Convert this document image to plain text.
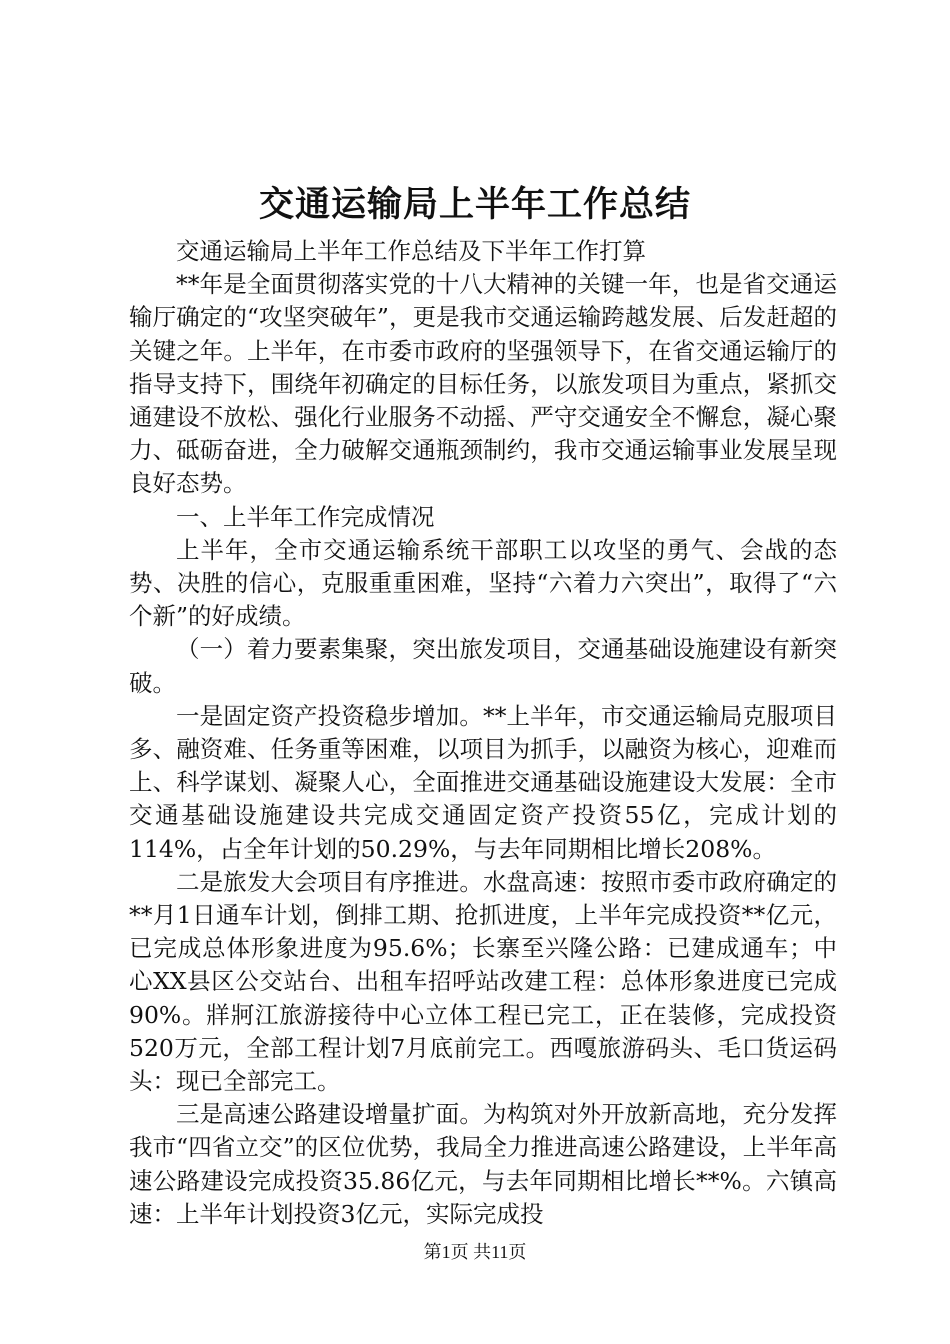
交通运输局上半年工作总结

交通运输局上半年工作总结及下半年工作打算

**年是全面贯彻落实党的十八大精神的关键一年，也是省交通运输厅确定的“攻坚突破年”，更是我市交通运输跨越发展、后发赶超的关键之年。上半年，在市委市政府的坚强领导下，在省交通运输厅的指导支持下，围绕年初确定的目标任务，以旅发项目为重点，紧抓交通建设不放松、强化行业服务不动摇、严守交通安全不懈怠，凝心聚力、砥砺奋进，全力破解交通瓶颈制约，我市交通运输事业发展呈现良好态势。

一、上半年工作完成情况

上半年，全市交通运输系统干部职工以攻坚的勇气、会战的态势、决胜的信心，克服重重困难，坚持“六着力六突出”，取得了“六个新”的好成绩。

（一）着力要素集聚，突出旅发项目，交通基础设施建设有新突破。

一是固定资产投资稳步增加。**上半年，市交通运输局克服项目多、融资难、任务重等困难，以项目为抓手，以融资为核心，迎难而上、科学谋划、凝聚人心，全面推进交通基础设施建设大发展：全市交通基础设施建设共完成交通固定资产投资55亿，完成计划的114%，占全年计划的50.29%，与去年同期相比增长208%。

二是旅发大会项目有序推进。水盘高速：按照市委市政府确定的**月1日通车计划，倒排工期、抢抓进度，上半年完成投资**亿元，已完成总体形象进度为95.6%；长寨至兴隆公路：已建成通车；中心XX县区公交站台、出租车招呼站改建工程：总体形象进度已完成90%。牂牁江旅游接待中心立体工程已完工，正在装修，完成投资520万元，全部工程计划7月底前完工。西嘎旅游码头、毛口货运码头：现已全部完工。

三是高速公路建设增量扩面。为构筑对外开放新高地，充分发挥我市“四省立交”的区位优势，我局全力推进高速公路建设，上半年高速公路建设完成投资35.86亿元，与去年同期相比增长**%。六镇高速：上半年计划投资3亿元，实际完成投

第1页 共11页
